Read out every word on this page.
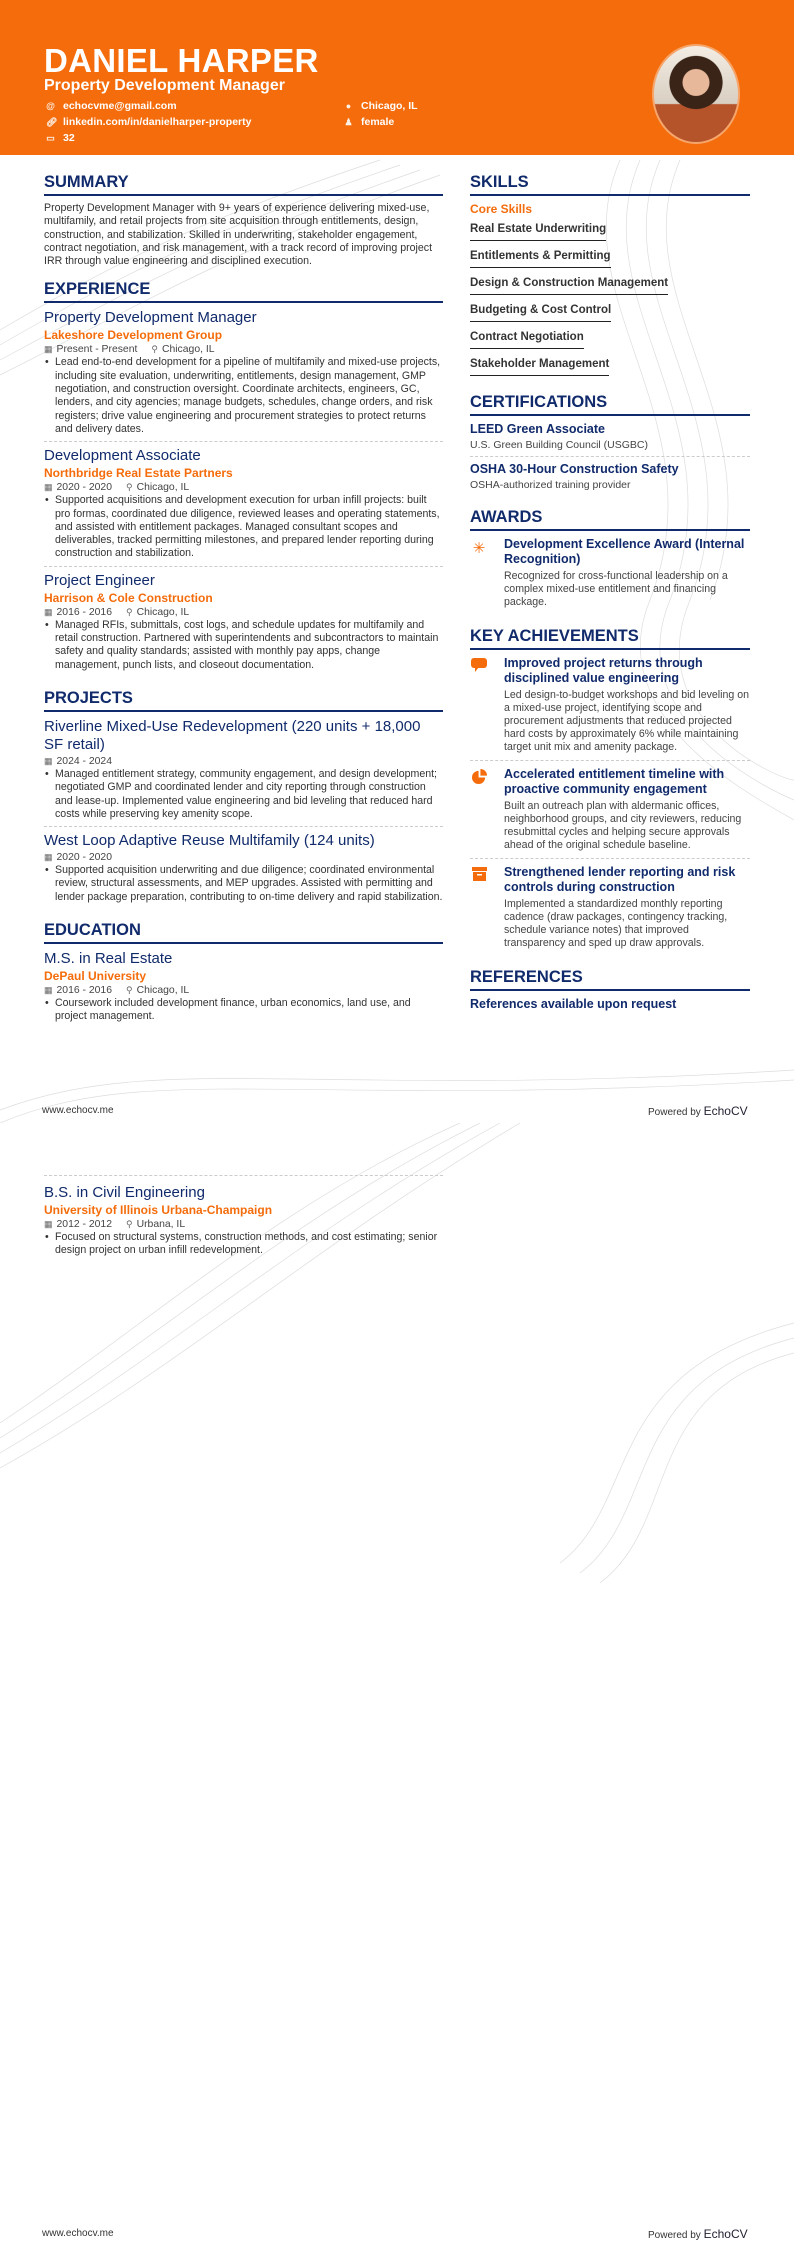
DANIEL HARPER
Property Development Manager
@ echocvme@gmail.com
🔗︎ linkedin.com/in/danielharper-property
▭ 32
● Chicago, IL
♟ female
SUMMARY
Property Development Manager with 9+ years of experience delivering mixed-use, multifamily, and retail projects from site acquisition through entitlements, design, construction, and stabilization. Skilled in underwriting, stakeholder engagement, contract negotiation, and risk management, with a track record of improving project IRR through value engineering and disciplined execution.
EXPERIENCE
Property Development Manager
Lakeshore Development Group
▦ Present - Present ⚲ Chicago, IL
• Lead end-to-end development for a pipeline of multifamily and mixed-use projects, including site evaluation, underwriting, entitlements, design management, GMP negotiation, and construction oversight. Coordinate architects, engineers, GC, lenders, and city agencies; manage budgets, schedules, change orders, and risk registers; drive value engineering and procurement strategies to protect returns and delivery dates.
Development Associate
Northbridge Real Estate Partners
▦ 2020 - 2020 ⚲ Chicago, IL
• Supported acquisitions and development execution for urban infill projects: built pro formas, coordinated due diligence, reviewed leases and operating statements, and assisted with entitlement packages. Managed consultant scopes and deliverables, tracked permitting milestones, and prepared lender reporting during construction and stabilization.
Project Engineer
Harrison & Cole Construction
▦ 2016 - 2016 ⚲ Chicago, IL
• Managed RFIs, submittals, cost logs, and schedule updates for multifamily and retail construction. Partnered with superintendents and subcontractors to maintain safety and quality standards; assisted with monthly pay apps, change management, punch lists, and closeout documentation.
PROJECTS
Riverline Mixed-Use Redevelopment (220 units + 18,000 SF retail)
▦ 2024 - 2024
• Managed entitlement strategy, community engagement, and design development; negotiated GMP and coordinated lender and city reporting through construction and lease-up. Implemented value engineering and bid leveling that reduced hard costs while preserving key amenity scope.
West Loop Adaptive Reuse Multifamily (124 units)
▦ 2020 - 2020
• Supported acquisition underwriting and due diligence; coordinated environmental review, structural assessments, and MEP upgrades. Assisted with permitting and lender package preparation, contributing to on-time delivery and rapid stabilization.
EDUCATION
M.S. in Real Estate
DePaul University
▦ 2016 - 2016 ⚲ Chicago, IL
• Coursework included development finance, urban economics, land use, and project management.
SKILLS
Core Skills
Real Estate Underwriting
Entitlements & Permitting
Design & Construction Management
Budgeting & Cost Control
Contract Negotiation
Stakeholder Management
CERTIFICATIONS
LEED Green Associate
U.S. Green Building Council (USGBC)
OSHA 30-Hour Construction Safety
OSHA-authorized training provider
AWARDS
✳ Development Excellence Award (Internal Recognition)
Recognized for cross-functional leadership on a complex mixed-use entitlement and financing package.
KEY ACHIEVEMENTS
Improved project returns through disciplined value engineering
Led design-to-budget workshops and bid leveling on a mixed-use project, identifying scope and procurement adjustments that reduced projected hard costs by approximately 6% while maintaining target unit mix and amenity package.
Accelerated entitlement timeline with proactive community engagement
Built an outreach plan with aldermanic offices, neighborhood groups, and city reviewers, reducing resubmittal cycles and helping secure approvals ahead of the original schedule baseline.
Strengthened lender reporting and risk controls during construction
Implemented a standardized monthly reporting cadence (draw packages, contingency tracking, schedule variance notes) that improved transparency and sped up draw approvals.
REFERENCES
References available upon request
www.echocv.me	Powered by EchoCV
B.S. in Civil Engineering
University of Illinois Urbana-Champaign
▦ 2012 - 2012 ⚲ Urbana, IL
• Focused on structural systems, construction methods, and cost estimating; senior design project on urban infill redevelopment.
www.echocv.me	Powered by EchoCV
